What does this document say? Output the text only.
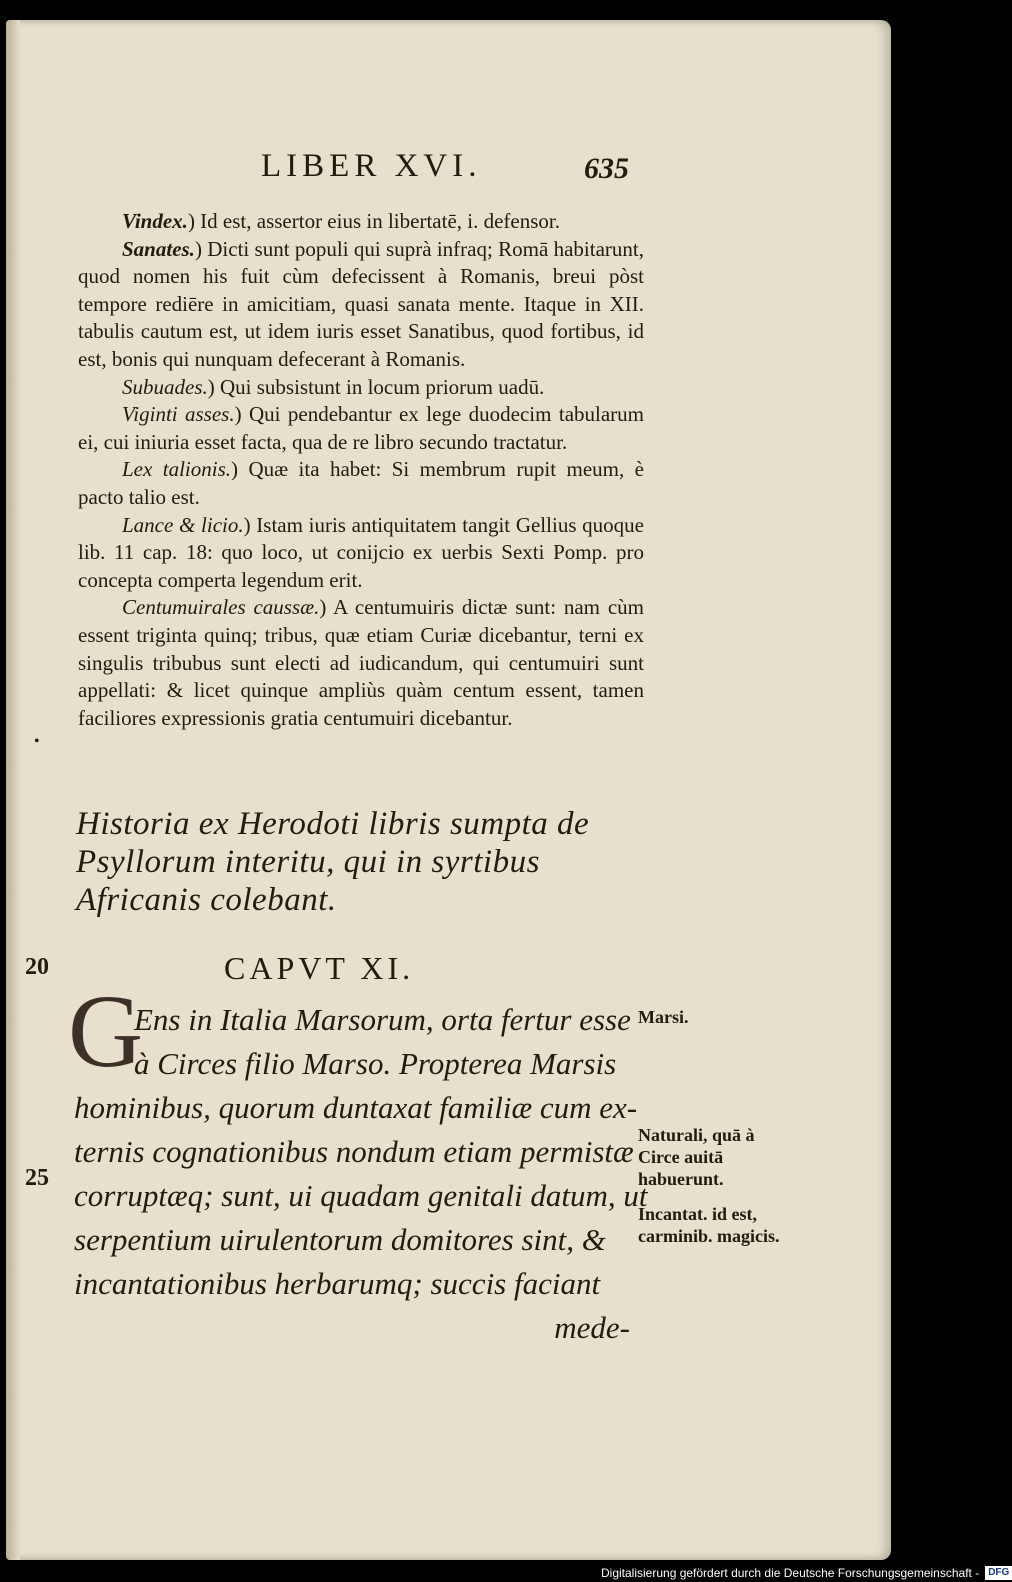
LIBER XVI.	635

Vindex.) Id est, assertor eius in libertatē, i. defensor.

Sanates.) Dicti sunt populi qui suprà infraq; Romā habitarunt, quod nomen his fuit cùm defecissent à Romanis, breui pòst tempore rediēre in amicitiam, quasi sanata mente. Itaque in XII. tabulis cautum est, ut idem iuris esset Sanatibus, quod fortibus, id est, bonis qui nunquam defecerant à Romanis.

Subuades.) Qui subsistunt in locum priorum uadū.

Viginti asses.) Qui pendebantur ex lege duodecim tabularum ei, cui iniuria esset facta, qua de re libro secundo tractatur.

Lex talionis.) Quæ ita habet: Si membrum rupit meum, è pacto talio est.

Lance & licio.) Istam iuris antiquitatem tangit Gellius quoque lib. 11 cap. 18: quo loco, ut conijcio ex uerbis Sexti Pomp. pro concepta comperta legendum erit.

Centumuirales caussæ.) A centumuiris dictæ sunt: nam cùm essent triginta quinq; tribus, quæ etiam Curiæ dicebantur, terni ex singulis tribubus sunt electi ad iudicandum, qui centumuiri sunt appellati: & licet quinque ampliùs quàm centum essent, tamen faciliores expressionis gratia centumuiri dicebantur.

•
Historia ex Herodoti libris sumpta de Psyllorum interitu, qui in syrtibus Africanis colebant.
20
25
CAPVT XI.
G
Ens in Italia Marsorum, orta fertur esse
à Circes filio Marso. Propterea Marsis
hominibus, quorum duntaxat familiæ cum ex-
ternis cognationibus nondum etiam permistæ
corruptæq; sunt, ui quadam genitali datum, ut
serpentium uirulentorum domitores sint, &
incantationibus herbarumq; succis faciant
mede-
Marsi.
Naturali, quā à Circe auitā habuerunt.
Incantat. id est, carminib. magicis.
Digitalisierung gefördert durch die Deutsche Forschungsgemeinschaft - DFG
